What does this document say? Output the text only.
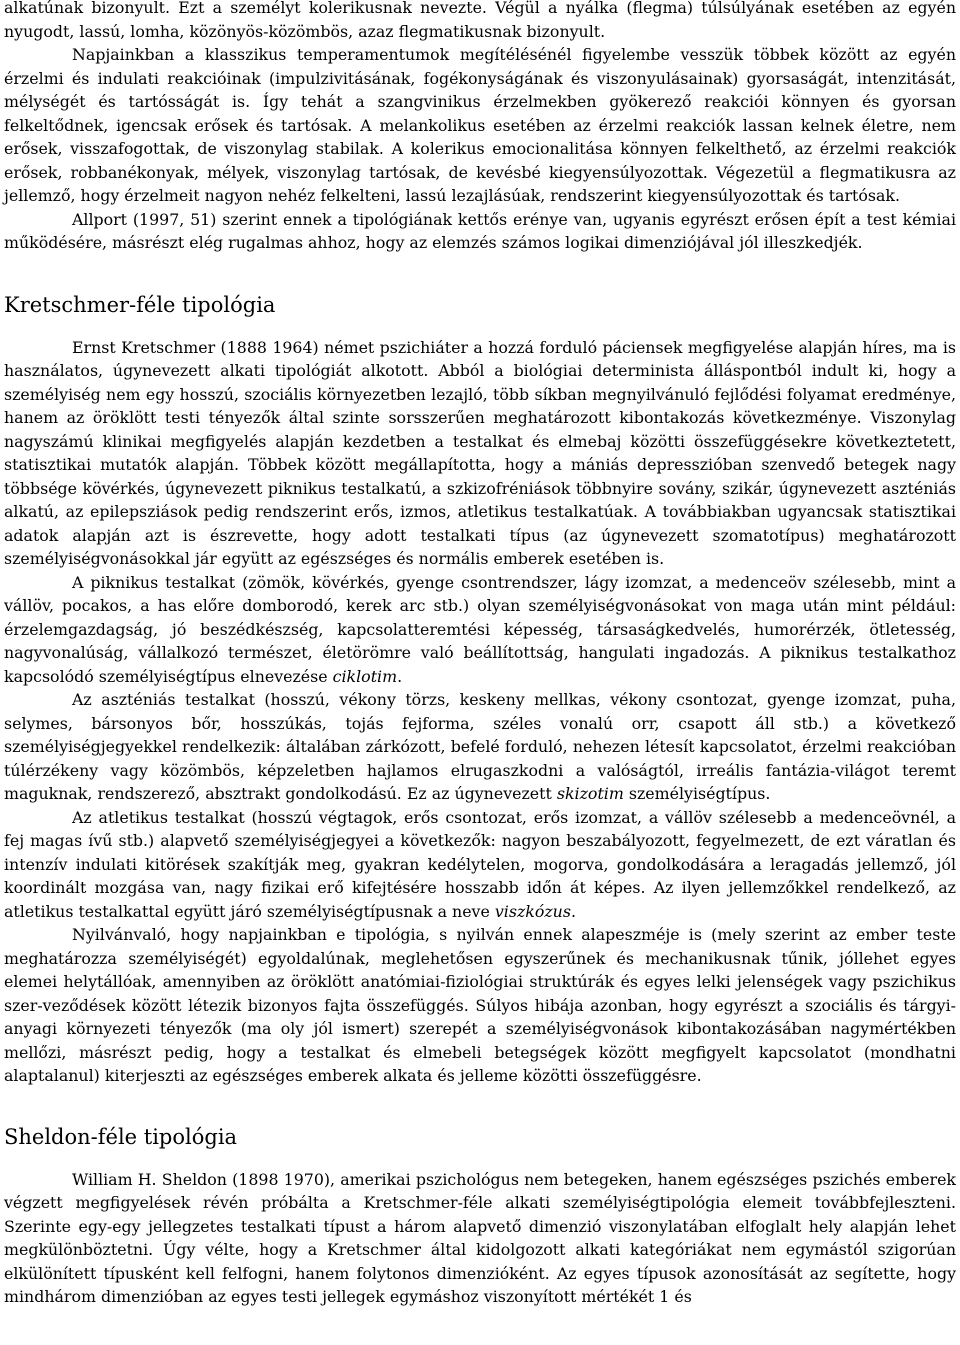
alkatúnak bizonyult. Ezt a személyt kolerikusnak nevezte. Végül a nyálka (flegma) túlsúlyának esetében az egyén nyugodt, lassú, lomha, közönyös-közömbös, azaz flegmatikusnak bizonyult.

Napjainkban a klasszikus temperamentumok megítélésénél figyelembe vesszük többek között az egyén érzelmi és indulati reakcióinak (impulzivitásának, fogékonyságának és viszonyulásainak) gyorsaságát, intenzitását, mélységét és tartósságát is. Így tehát a szangvinikus érzelmekben gyökerező reakciói könnyen és gyorsan felkeltődnek, igencsak erősek és tartósak. A melankolikus esetében az érzelmi reakciók lassan kelnek életre, nem erősek, visszafogottak, de viszonylag stabilak. A kolerikus emocionalitása könnyen felkelthető, az érzelmi reakciók erősek, robbanékonyak, mélyek, viszonylag tartósak, de kevésbé kiegyensúlyozottak. Végezetül a flegmatikusra az jellemző, hogy érzelmeit nagyon nehéz felkelteni, lassú lezajlásúak, rendszerint kiegyensúlyozottak és tartósak.

Allport (1997, 51) szerint ennek a tipológiának kettős erénye van, ugyanis egyrészt erősen épít a test kémiai működésére, másrészt elég rugalmas ahhoz, hogy az elemzés számos logikai dimenziójával jól illeszkedjék.

Kretschmer-féle tipológia

Ernst Kretschmer (1888 1964) német pszichiáter a hozzá forduló páciensek megfigyelése alapján híres, ma is használatos, úgynevezett alkati tipológiát alkotott. Abból a biológiai determinista álláspontból indult ki, hogy a személyiség nem egy hosszú, szociális környezetben lezajló, több síkban megnyilvánuló fejlődési folyamat eredménye, hanem az öröklött testi tényezők által szinte sorsszerűen meghatározott kibontakozás következménye. Viszonylag nagyszámú klinikai megfigyelés alapján kezdetben a testalkat és elmebaj közötti összefüggésekre következtetett, statisztikai mutatók alapján. Többek között megállapította, hogy a mániás depresszióban szenvedő betegek nagy többsége kövérkés, úgynevezett piknikus testalkatú, a szkizofréniások többnyire sovány, szikár, úgynevezett aszténiás alkatú, az epilepsziások pedig rendszerint erős, izmos, atletikus testalkatúak. A továbbiakban ugyancsak statisztikai adatok alapján azt is észrevette, hogy adott testalkati típus (az úgynevezett szomatotípus) meghatározott személyiségvonásokkal jár együtt az egészséges és normális emberek esetében is.

A piknikus testalkat (zömök, kövérkés, gyenge csontrendszer, lágy izomzat, a medenceöv szélesebb, mint a vállöv, pocakos, a has előre domborodó, kerek arc stb.) olyan személyiségvonásokat von maga után mint például: érzelemgazdagság, jó beszédkészség, kapcsolatteremtési képesség, társaságkedvelés, humorérzék, ötletesség, nagyvonalúság, vállalkozó természet, életörömre való beállítottság, hangulati ingadozás. A piknikus testalkathoz kapcsolódó személyiségtípus elnevezése ciklotim.

Az aszténiás testalkat (hosszú, vékony törzs, keskeny mellkas, vékony csontozat, gyenge izomzat, puha, selymes, bársonyos bőr, hosszúkás, tojás fejforma, széles vonalú orr, csapott áll stb.) a következő személyiségjegyekkel rendelkezik: általában zárkózott, befelé forduló, nehezen létesít kapcsolatot, érzelmi reakcióban túlérzékeny vagy közömbös, képzeletben hajlamos elrugaszkodni a valóságtól, irreális fantázia-világot teremt maguknak, rendszerező, absztrakt gondolkodású. Ez az úgynevezett skizotim személyiségtípus.

Az atletikus testalkat (hosszú végtagok, erős csontozat, erős izomzat, a vállöv szélesebb a medenceövnél, a fej magas ívű stb.) alapvető személyiségjegyei a következők: nagyon beszabályozott, fegyelmezett, de ezt váratlan és intenzív indulati kitörések szakítják meg, gyakran kedélytelen, mogorva, gondolkodására a leragadás jellemző, jól koordinált mozgása van, nagy fizikai erő kifejtésére hosszabb időn át képes. Az ilyen jellemzőkkel rendelkező, az atletikus testalkattal együtt járó személyiségtípusnak a neve viszkózus.

Nyilvánvaló, hogy napjainkban e tipológia, s nyilván ennek alapeszméje is (mely szerint az ember teste meghatározza személyiségét) egyoldalúnak, meglehetősen egyszerűnek és mechanikusnak tűnik, jóllehet egyes elemei helytállóak, amennyiben az öröklött anatómiai-fiziológiai struktúrák és egyes lelki jelenségek vagy pszichikus szer-veződések között létezik bizonyos fajta összefüggés. Súlyos hibája azonban, hogy egyrészt a szociális és tárgyi-anyagi környezeti tényezők (ma oly jól ismert) szerepét a személyiségvonások kibontakozásában nagymértékben mellőzi, másrészt pedig, hogy a testalkat és elmebeli betegségek között megfigyelt kapcsolatot (mondhatni alaptalanul) kiterjeszti az egészséges emberek alkata és jelleme közötti összefüggésre.

Sheldon-féle tipológia

William H. Sheldon (1898 1970), amerikai pszichológus nem betegeken, hanem egészséges pszichés emberek végzett megfigyelések révén próbálta a Kretschmer-féle alkati személyiségtipológia elemeit továbbfejleszteni. Szerinte egy-egy jellegzetes testalkati típust a három alapvető dimenzió viszonylatában elfoglalt hely alapján lehet megkülönböztetni. Úgy vélte, hogy a Kretschmer által kidolgozott alkati kategóriákat nem egymástól szigorúan elkülönített típusként kell felfogni, hanem folytonos dimenzióként. Az egyes típusok azonosítását az segítette, hogy mindhárom dimenzióban az egyes testi jellegek egymáshoz viszonyított mértékét 1 és
